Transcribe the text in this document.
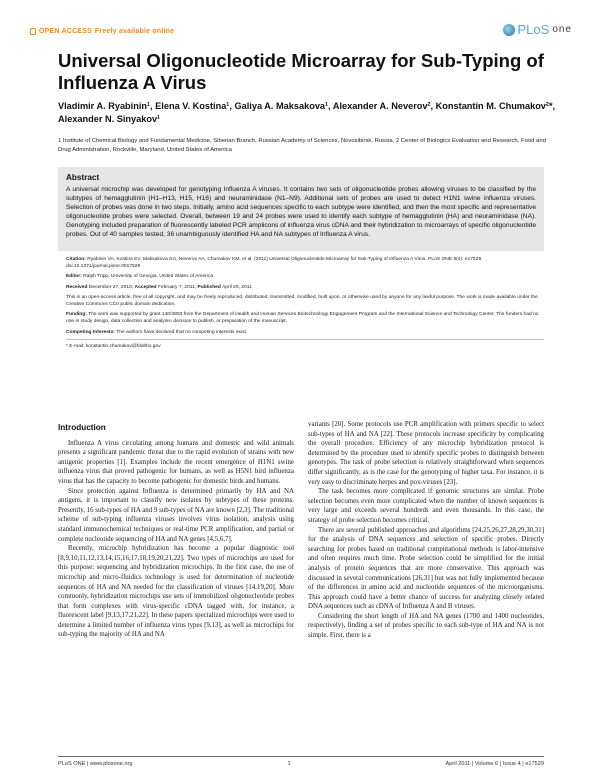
OPEN ACCESS Freely available online	PLoS one
Universal Oligonucleotide Microarray for Sub-Typing of Influenza A Virus
Vladimir A. Ryabinin¹, Elena V. Kostina¹, Galiya A. Maksakova¹, Alexander A. Neverov², Konstantin M. Chumakov²*, Alexander N. Sinyakov¹
1 Institute of Chemical Biology and Fundamental Medicine, Siberian Branch, Russian Academy of Sciences, Novosibirsk, Russia, 2 Center of Biologics Evaluation and Research, Food and Drug Administration, Rockville, Maryland, United States of America
Abstract

A universal microchip was developed for genotyping Influenza A viruses. It contains two sets of oligonucleotide probes allowing viruses to be classified by the subtypes of hemagglutinin (H1–H13, H15, H16) and neuraminidase (N1–N9). Additional sets of probes are used to detect H1N1 swine influenza viruses. Selection of probes was done in two steps. Initially, amino acid sequences specific to each subtype were identified, and then the most specific and representative oligonucleotide probes were selected. Overall, between 19 and 24 probes were used to identify each subtype of hemagglutinin (HA) and neuraminidase (NA). Genotyping included preparation of fluorescently labeled PCR amplicons of influenza virus cDNA and their hybridization to microarrays of specific oligonucleotide probes. Out of 40 samples tested, 36 unambiguously identified HA and NA subtypes of Influenza A virus.

Citation: Ryabinin VA, Kostina EV, Maksakova GA, Neverov AA, Chumakov KM, et al. (2011) Universal Oligonucleotide Microarray for Sub-Typing of Influenza A Virus. PLoS ONE 6(4): e17529. doi:10.1371/journal.pone.0017529
Editor: Ralph Tripp, University of Georgia, United States of America
Received December 27, 2010; Accepted February 7, 2011; Published April 29, 2011
This is an open-access article, free of all copyright, and may be freely reproduced, distributed, transmitted, modified, built upon, or otherwise used by anyone for any lawful purpose. The work is made available under the Creative Commons CC0 public domain dedication.
Funding: The work was supported by grant 140/3803 from the Department of Health and Human Services Biotechnology Engagement Program and the International Science and Technology Center. The funders had no role in study design, data collection and analysis, decision to publish, or preparation of the manuscript.
Competing Interests: The authors have declared that no competing interests exist.
* E-mail: konstantin.chumakov@fdahhs.gov
Introduction

Influenza A virus circulating among humans and domestic and wild animals presents a significant pandemic threat due to the rapid evolution of strains with new antigenic properties [1]. Examples include the recent emergence of H1N1 swine influenza virus that proved pathogenic for humans, as well as H5N1 bird influenza virus that has the capacity to become pathogenic for domestic birds and humans.

Since protection against Influenza is determined primarily by HA and NA antigens, it is important to classify new isolates by subtypes of these proteins. Presently, 16 sub-types of HA and 9 sub-types of NA are known [2,3]. The traditional scheme of sub-typing influenza viruses involves virus isolation, analysis using standard immunochemical techniques or real-time PCR amplification, and partial or complete nucleotide sequencing of HA and NA genes [4,5,6,7].

Recently, microchip hybridization has become a popular diagnostic tool [8,9,10,11,12,13,14,15,16,17,18,19,20,21,22]. Two types of microchips are used for this purpose: sequencing and hybridization microchips. In the first case, the use of microchip and micro-fluidics technology is used for determination of nucleotide sequences of HA and NA needed for the classification of viruses [14,19,20]. More commonly, hybridization microchips use sets of immobilized oligonucleotide probes that form complexes with virus-specific cDNA tagged with, for instance, a fluorescent label [9,13,17,21,22]. In these papers specialized microchips were used to determine a limited number of influenza virus types [9,13], as well as microchips for sub-typing the majority of HA and NA

variants [20]. Some protocols use PCR amplification with primers specific to select sub-types of HA and NA [22]. These protocols increase specificity by complicating the overall procedure. Efficiency of any microchip hybridization protocol is determined by the procedure used to identify specific probes to distinguish between genotypes. The task of probe selection is relatively straightforward when sequences differ significantly, as is the case for the genotyping of higher taxa. For instance, it is very easy to discriminate herpes and pox-viruses [23].

The task becomes more complicated if genomic structures are similar. Probe selection becomes even more complicated when the number of known sequences is very large and exceeds several hundreds and even thousands. In this case, the strategy of probe selection becomes critical.

There are several published approaches and algorithms [24,25,26,27,28,29,30,31] for the analysis of DNA sequences and selection of specific probes. Directly searching for probes based on traditional computational methods is labor-intensive and often requires much time. Probe selection could be simplified for the initial analysis of protein sequences that are more conservative. This approach was discussed in several communications [26,31] but was not fully implemented because of the differences in amino acid and nucleotide sequences of the microorganisms. This approach could have a better chance of success for analyzing closely related DNA sequences such as cDNA of Influenza A and B viruses.

Considering the short length of HA and NA genes (1700 and 1400 nucleotides, respectively), finding a set of probes specific to each sub-type of HA and NA is not simple. First, there is a

PLoS ONE | www.plosone.org	1	April 2011 | Volume 6 | Issue 4 | e17529
